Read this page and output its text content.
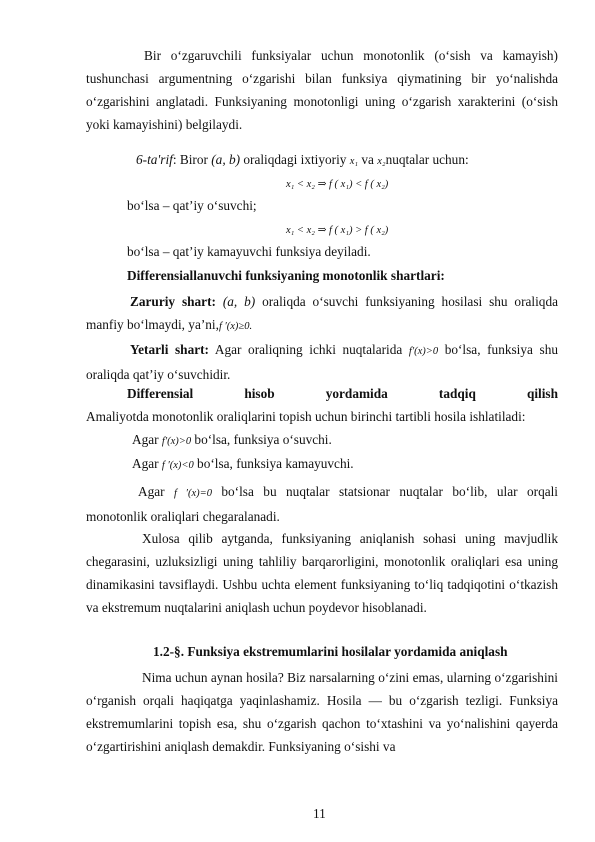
Bir o‘zgaruvchili funksiyalar uchun monotonlik (o‘sish va kamayish) tushunchasi argumentning o‘zgarishi bilan funksiya qiymatining bir yo‘nalishda o‘zgarishini anglatadi. Funksiyaning monotonligi uning o‘zgarish xarakterini (o‘sish yoki kamayishini) belgilaydi.
6-ta'rif: Biror (a, b) oraliqdagi ixtiyoriy x₁ va x₂nuqtalar uchun:
x₁ < x₂ ⇒ f ( x₁) < f ( x₂)
bo‘lsa – qat’iy o‘suvchi;
x₁ < x₂ ⇒ f ( x₁) > f ( x₂)
bo‘lsa – qat’iy kamayuvchi funksiya deyiladi.
Differensiallanuvchi funksiyaning monotonlik shartlari:
Zaruriy shart: (a, b) oraliqda o‘suvchi funksiyaning hosilasi shu oraliqda manfiy bo‘lmaydi, ya’ni,f ′(x)≥0.
Yetarli shart: Agar oraliqning ichki nuqtalarida f′(x)>0 bo‘lsa, funksiya shu oraliqda qat’iy o‘suvchidir.
Differensial hisob yordamida tadqiq qilish
Amaliyotda monotonlik oraliqlarini topish uchun birinchi tartibli hosila ishlatiladi:
Agar f′(x)>0 bo‘lsa, funksiya o‘suvchi.
Agar f ′(x)<0 bo‘lsa, funksiya kamayuvchi.
Agar f ′(x)=0 bo‘lsa bu nuqtalar statsionar nuqtalar bo‘lib, ular orqali monotonlik oraliqlari chegaralanadi.
Xulosa qilib aytganda, funksiyaning aniqlanish sohasi uning mavjudlik chegarasini, uzluksizligi uning tahliliy barqarorligini, monotonlik oraliqlari esa uning dinamikasini tavsiflaydi. Ushbu uchta element funksiyaning to‘liq tadqiqotini o‘tkazish va ekstremum nuqtalarini aniqlash uchun poydevor hisoblanadi.
1.2-§. Funksiya ekstremumlarini hosilalar yordamida aniqlash
Nima uchun aynan hosila? Biz narsalarning o‘zini emas, ularning o‘zgarishini o‘rganish orqali haqiqatga yaqinlashamiz. Hosila — bu o‘zgarish tezligi. Funksiya ekstremumlarini topish esa, shu o‘zgarish qachon to‘xtashini va yo‘nalishini qayerda o‘zgartirishini aniqlash demakdir. Funksiyaning o‘sishi va
11
